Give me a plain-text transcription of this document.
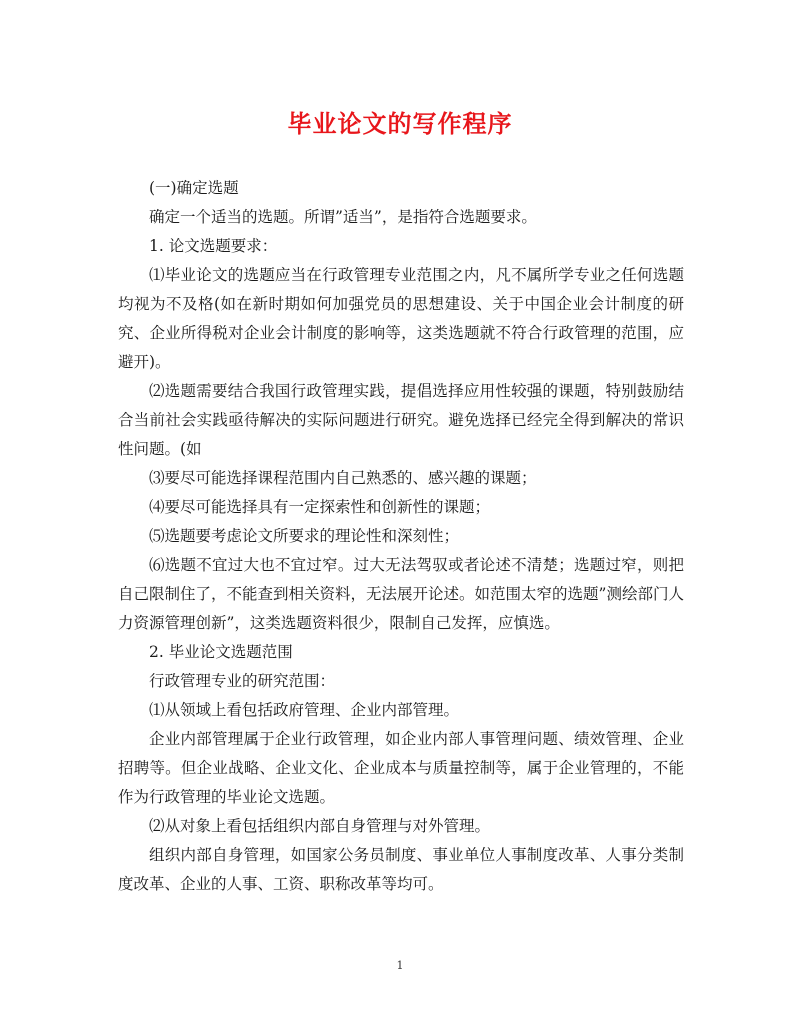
毕业论文的写作程序

(一)确定选题

确定一个适当的选题。所谓”适当”，是指符合选题要求。

1. 论文选题要求：

⑴毕业论文的选题应当在行政管理专业范围之内，凡不属所学专业之任何选题均视为不及格(如在新时期如何加强党员的思想建设、关于中国企业会计制度的研究、企业所得税对企业会计制度的影响等，这类选题就不符合行政管理的范围，应避开)。

⑵选题需要结合我国行政管理实践，提倡选择应用性较强的课题，特别鼓励结合当前社会实践亟待解决的实际问题进行研究。避免选择已经完全得到解决的常识性问题。(如

⑶要尽可能选择课程范围内自己熟悉的、感兴趣的课题；

⑷要尽可能选择具有一定探索性和创新性的课题；

⑸选题要考虑论文所要求的理论性和深刻性；

⑹选题不宜过大也不宜过窄。过大无法驾驭或者论述不清楚；选题过窄，则把自己限制住了，不能查到相关资料，无法展开论述。如范围太窄的选题”测绘部门人力资源管理创新”，这类选题资料很少，限制自己发挥，应慎选。

2. 毕业论文选题范围

行政管理专业的研究范围：

⑴从领域上看包括政府管理、企业内部管理。

企业内部管理属于企业行政管理，如企业内部人事管理问题、绩效管理、企业招聘等。但企业战略、企业文化、企业成本与质量控制等，属于企业管理的，不能作为行政管理的毕业论文选题。

⑵从对象上看包括组织内部自身管理与对外管理。

组织内部自身管理，如国家公务员制度、事业单位人事制度改革、人事分类制度改革、企业的人事、工资、职称改革等均可。

1
